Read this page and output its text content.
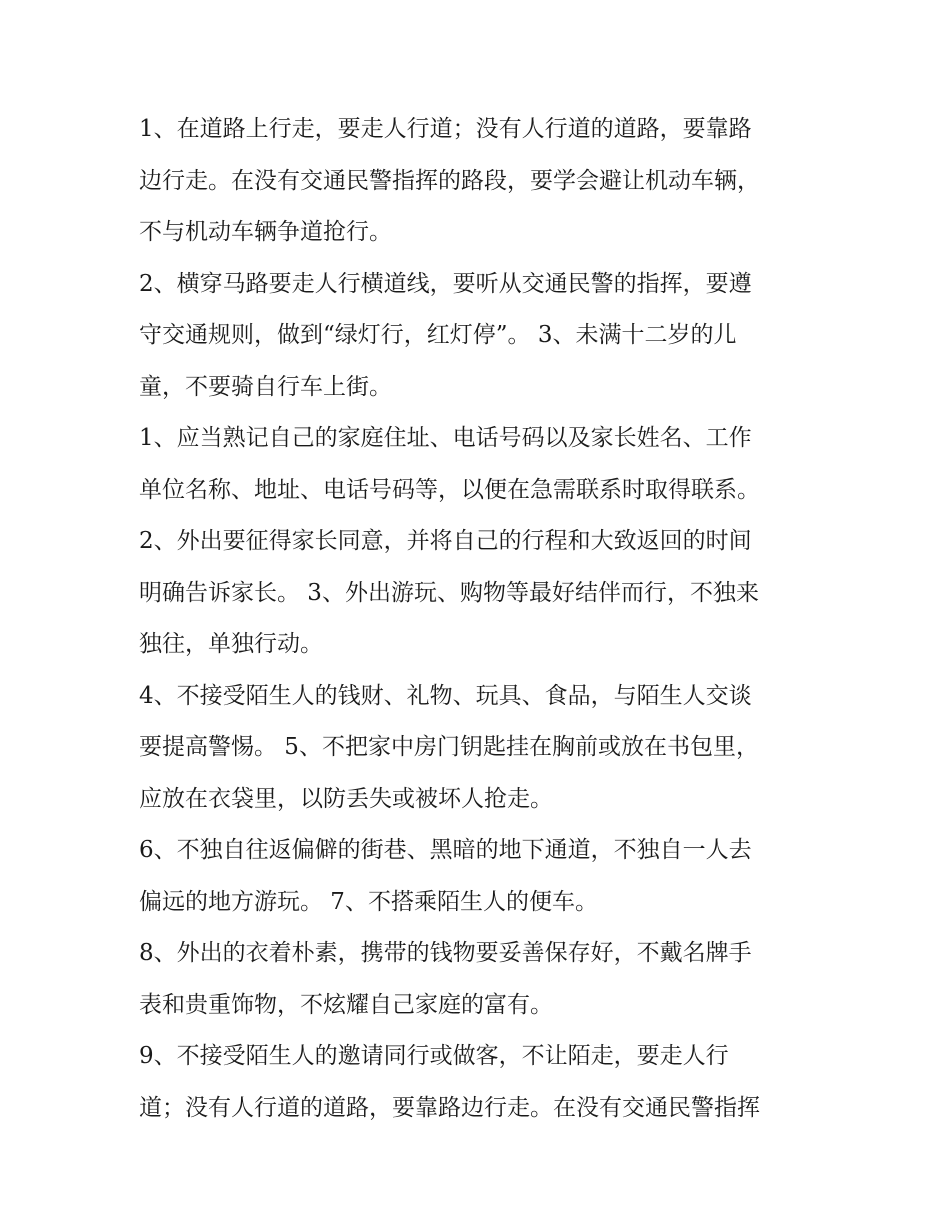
1、在道路上行走，要走人行道；没有人行道的道路，要靠路
边行走。在没有交通民警指挥的路段，要学会避让机动车辆，
不与机动车辆争道抢行。
2、横穿马路要走人行横道线，要听从交通民警的指挥，要遵
守交通规则，做到“绿灯行，红灯停”。 3、未满十二岁的儿
童，不要骑自行车上街。
1、应当熟记自己的家庭住址、电话号码以及家长姓名、工作
单位名称、地址、电话号码等，以便在急需联系时取得联系。
2、外出要征得家长同意，并将自己的行程和大致返回的时间
明确告诉家长。 3、外出游玩、购物等最好结伴而行，不独来
独往，单独行动。
4、不接受陌生人的钱财、礼物、玩具、食品，与陌生人交谈
要提高警惕。 5、不把家中房门钥匙挂在胸前或放在书包里，
应放在衣袋里，以防丢失或被坏人抢走。
6、不独自往返偏僻的街巷、黑暗的地下通道，不独自一人去
偏远的地方游玩。 7、不搭乘陌生人的便车。
8、外出的衣着朴素，携带的钱物要妥善保存好，不戴名牌手
表和贵重饰物，不炫耀自己家庭的富有。
9、不接受陌生人的邀请同行或做客，不让陌走，要走人行
道；没有人行道的道路，要靠路边行走。在没有交通民警指挥
